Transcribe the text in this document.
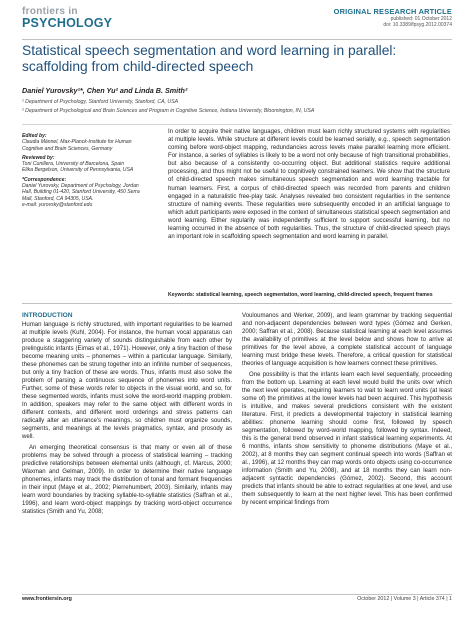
frontiers in
PSYCHOLOGY
ORIGINAL RESEARCH ARTICLE
published: 01 October 2012
doi: 10.3389/fpsyg.2012.00374
Statistical speech segmentation and word learning in parallel: scaffolding from child-directed speech
Daniel Yurovsky¹*, Chen Yu² and Linda B. Smith²
¹ Department of Psychology, Stanford University, Stanford, CA, USA
² Department of Psychological and Brain Sciences and Program in Cognitive Science, Indiana University, Bloomington, IN, USA
Edited by:

Claudia Männel, Max-Planck-Institute for Human Cognitive and Brain Sciences, Germany

Reviewed by:

Toni Cunillera, University of Barcelona, Spain

Elika Bergelson, University of Pennsylvania, USA

*Correspondence:

Daniel Yurovsky, Department of Psychology, Jordan Hall, Building 01-420, Stanford University, 450 Serra Mall, Stanford, CA 94305, USA.

e-mail: yurovsky@stanford.edu

In order to acquire their native languages, children must learn richly structured systems with regularities at multiple levels. While structure at different levels could be learned serially, e.g., speech segmentation coming before word-object mapping, redundancies across levels make parallel learning more efficient. For instance, a series of syllables is likely to be a word not only because of high transitional probabilities, but also because of a consistently co-occurring object. But additional statistics require additional processing, and thus might not be useful to cognitively constrained learners. We show that the structure of child-directed speech makes simultaneous speech segmentation and word learning tractable for human learners. First, a corpus of child-directed speech was recorded from parents and children engaged in a naturalistic free-play task. Analyses revealed two consistent regularities in the sentence structure of naming events. These regularities were subsequently encoded in an artificial language to which adult participants were exposed in the context of simultaneous statistical speech segmentation and word learning. Either regularity was independently sufficient to support successful learning, but no learning occurred in the absence of both regularities. Thus, the structure of child-directed speech plays an important role in scaffolding speech segmentation and word learning in parallel.
Keywords: statistical learning, speech segmentation, word learning, child-directed speech, frequent frames
INTRODUCTION

Human language is richly structured, with important regularities to be learned at multiple levels (Kuhl, 2004). For instance, the human vocal apparatus can produce a staggering variety of sounds distinguishable from each other by prelinguistic infants (Eimas et al., 1971). However, only a tiny fraction of these become meaning units – phonemes – within a particular language. Similarly, these phonemes can be strung together into an infinite number of sequences, but only a tiny fraction of these are words. Thus, infants must also solve the problem of parsing a continuous sequence of phonemes into word units. Further, some of these words refer to objects in the visual world, and so, for these segmented words, infants must solve the word-world mapping problem. In addition, speakers may refer to the same object with different words in different contexts, and different word orderings and stress patterns can radically alter an utterance's meanings, so children must organize sounds, segments, and meanings at the levels pragmatics, syntax, and prosody as well.

An emerging theoretical consensus is that many or even all of these problems may be solved through a process of statistical learning – tracking predictive relationships between elemental units (although, cf. Marcus, 2000; Waxman and Gelman, 2009). In order to determine their native language phonemes, infants may track the distribution of tonal and formant frequencies in their input (Maye et al., 2002; Pierrehumbert, 2003). Similarly, infants may learn word boundaries by tracking syllable-to-syllable statistics (Saffran et al., 1996), and learn word-object mappings by tracking word-object occurrence statistics (Smith and Yu, 2008;

Vouloumanos and Werker, 2009), and learn grammar by tracking sequential and non-adjacent dependencies between word types (Gómez and Gerken, 2000; Saffran et al., 2008). Because statistical learning at each level assumes the availability of primitives at the level below and shows how to arrive at primitives for the level above, a complete statistical account of language learning must bridge these levels. Therefore, a critical question for statistical theories of language acquisition is how learners connect these primitives.

One possibility is that the infants learn each level sequentially, proceeding from the bottom up. Learning at each level would build the units over which the next level operates, requiring learners to wait to learn word units (at least some of) the primitives at the lower levels had been acquired. This hypothesis is intuitive, and makes several predictions consistent with the existent literature. First, it predicts a developmental trajectory in statistical learning abilities: phoneme learning should come first, followed by speech segmentation, followed by word-world mapping, followed by syntax. Indeed, this is the general trend observed in infant statistical learning experiments. At 6 months, infants show sensitivity to phoneme distributions (Maye et al., 2002), at 8 months they can segment continual speech into words (Saffran et al., 1996), at 12 months they can map words onto objects using co-occurrence information (Smith and Yu, 2008), and at 18 months they can learn non-adjacent syntactic dependencies (Gómez, 2002). Second, this account predicts that infants should be able to extract regularities at one level, and use them subsequently to learn at the next higher level. This has been confirmed by recent empirical findings from

www.frontiersin.org	October 2012 | Volume 3 | Article 374 | 1
